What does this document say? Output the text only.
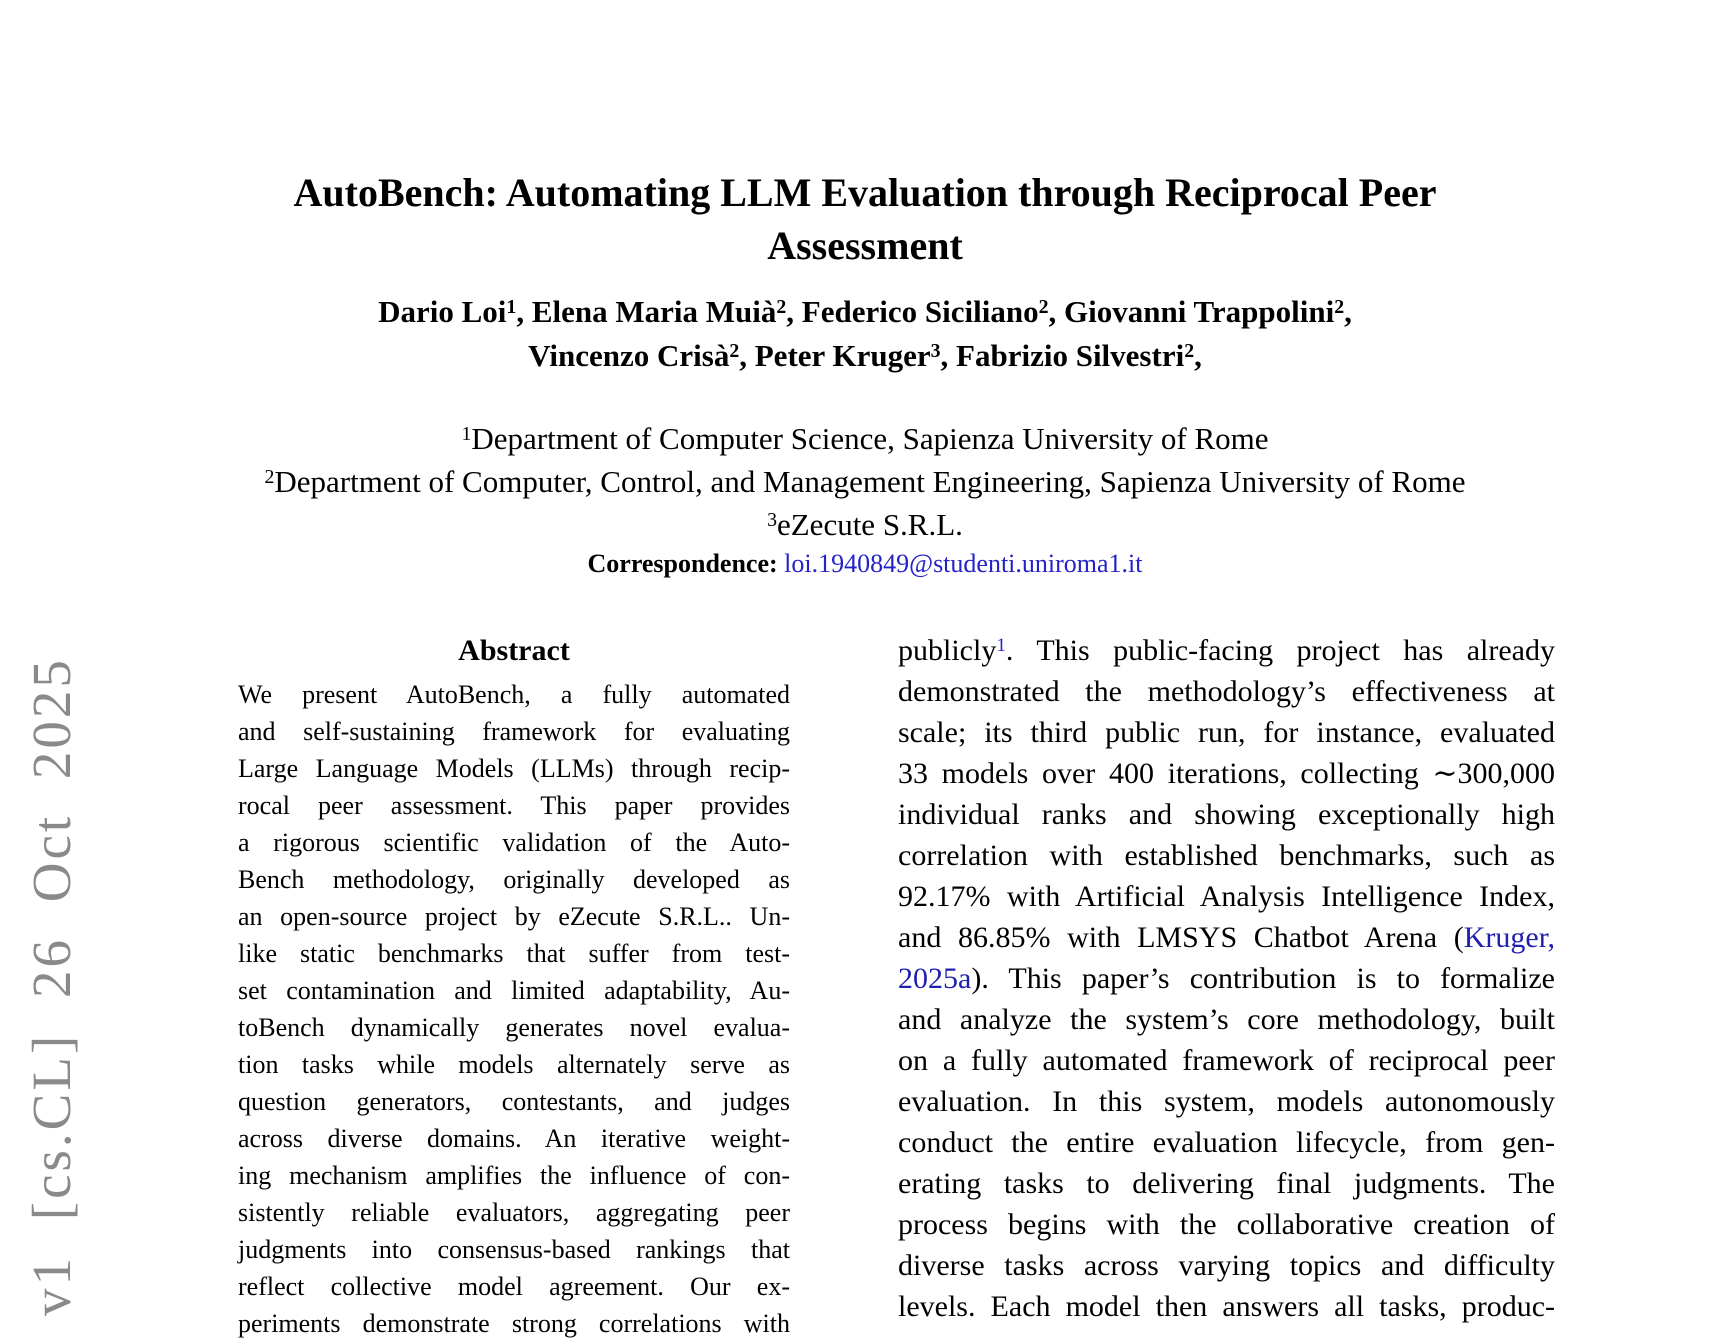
v1 [cs.CL] 26 Oct 2025
AutoBench: Automating LLM Evaluation through Reciprocal Peer
Assessment
Dario Loi$^1$, Elena Maria Muià$^2$, Federico Siciliano$^2$, Giovanni Trappolini$^2$,
Vincenzo Crisà$^2$, Peter Kruger$^3$, Fabrizio Silvestri$^2$,
$^1$Department of Computer Science, Sapienza University of Rome
$^2$Department of Computer, Control, and Management Engineering, Sapienza University of Rome
$^3$eZecute S.R.L.
Correspondence: loi.1940849@studenti.uniroma1.it
Abstract
We present AutoBench, a fully automated
and self-sustaining framework for evaluating
Large Language Models (LLMs) through recip-
rocal peer assessment. This paper provides
a rigorous scientific validation of the Auto-
Bench methodology, originally developed as
an open-source project by eZecute S.R.L.. Un-
like static benchmarks that suffer from test-
set contamination and limited adaptability, Au-
toBench dynamically generates novel evalua-
tion tasks while models alternately serve as
question generators, contestants, and judges
across diverse domains. An iterative weight-
ing mechanism amplifies the influence of con-
sistently reliable evaluators, aggregating peer
judgments into consensus-based rankings that
reflect collective model agreement. Our ex-
periments demonstrate strong correlations with
publicly$^1$. This public-facing project has already
demonstrated the methodology’s effectiveness at
scale; its third public run, for instance, evaluated
33 models over 400 iterations, collecting ∼300,000
individual ranks and showing exceptionally high
correlation with established benchmarks, such as
92.17% with Artificial Analysis Intelligence Index,
and 86.85% with LMSYS Chatbot Arena (Kruger,
2025a). This paper’s contribution is to formalize
and analyze the system’s core methodology, built
on a fully automated framework of reciprocal peer
evaluation. In this system, models autonomously
conduct the entire evaluation lifecycle, from gen-
erating tasks to delivering final judgments. The
process begins with the collaborative creation of
diverse tasks across varying topics and difficulty
levels. Each model then answers all tasks, produc-
